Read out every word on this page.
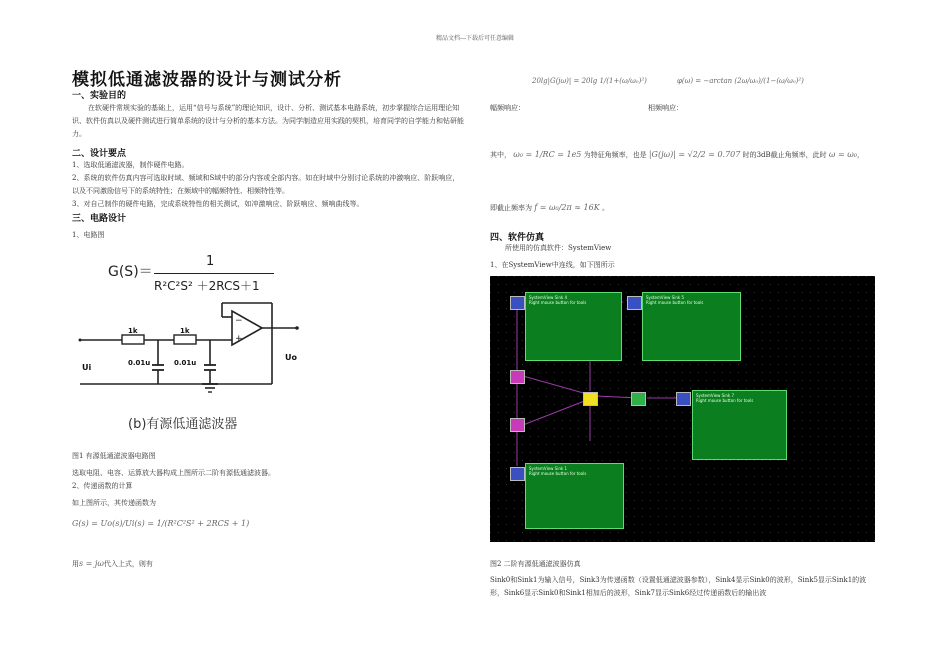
精品文档---下载后可任意编辑
模拟低通滤波器的设计与测试分析
一、实验目的
在软硬件常规实验的基础上，运用“信号与系统”的理论知识，设计、分析、测试基本电路系统，初步掌握综合运用理论知识、软件仿真以及硬件测试进行简单系统的设计与分析的基本方法。为同学制造应用实践的契机，培育同学的自学能力和钻研能力。
二、设计要点
1、选取低通滤波器，制作硬件电路。
2、系统的软件仿真内容可选取时域、频域和S域中的部分内容或全部内容。如在时域中分别讨论系统的冲激响应、阶跃响应，以及不同激励信号下的系统特性；在频域中的幅频特性、相频特性等。
3、对自己制作的硬件电路，完成系统特性的相关测试，如冲激响应、阶跃响应、频响曲线等。
三、电路设计
1、电路图
G(S)＝
1
R²C²S² ＋2RCS＋1
−
+
1k	1k
0.01u	0.01u
Ui
Uo
(b)有源低通滤波器
图1 有源低通滤波器电路图
选取电阻、电容、运算放大器构成上图所示二阶有源低通滤波器。
2、传递函数的计算
如上图所示，其传递函数为
G(s) = Uo(s)/Ui(s) = 1/(R²C²S² + 2RCS + 1)
用s = jω代入上式，则有
20lg|G(jω)| = 20lg 1/(1+(ω/ω₀)²)	φ(ω) = −arctan (2ω/ω₀)/(1−(ω/ω₀)²)
幅频响应：	相频响应：
其中， ω₀ = 1/RC = 1e5 为特征角频率，也是 |G(jω)| = √2/2 = 0.707 时的3dB截止角频率，此时 ω = ω₀，
即截止频率为 f = ω₀/2π ≈ 16K 。
四、软件仿真
所使用的仿真软件：SystemView
1、在SystemView中连线，如下图所示
SystemView Sink 4
Right mouse button for tools
SystemView Sink 5
Right mouse button for tools
SystemView Sink 7
Right mouse button for tools
SystemView Sink 1
Right mouse button for tools
图2 二阶有源低通滤波器仿真
Sink0和Sink1为输入信号，Sink3为传递函数（设置低通滤波器参数），Sink4显示Sink0的波形，Sink5显示Sink1的波形，Sink6显示Sink0和Sink1相加后的波形，Sink7显示Sink6经过传递函数后的输出波
